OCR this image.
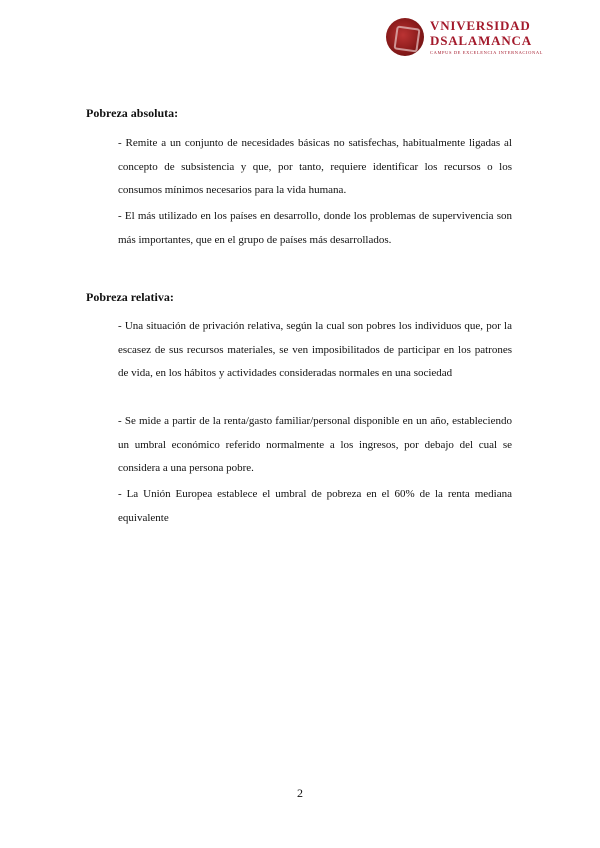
VNIVERSIDAD
DSALAMANCA
CAMPUS DE EXCELENCIA INTERNACIONAL
Pobreza absoluta:

- Remite a un conjunto de necesidades básicas no satisfechas, habitualmente ligadas al concepto de subsistencia y que, por tanto, requiere identificar los recursos o los consumos mínimos necesarios para la vida humana.

- El más utilizado en los países en desarrollo, donde los problemas de supervivencia son más importantes, que en el grupo de países más desarrollados.

Pobreza relativa:

- Una situación de privación relativa, según la cual son pobres los individuos que, por la escasez de sus recursos materiales, se ven imposibilitados de participar en los patrones de vida, en los hábitos y actividades consideradas normales en una sociedad

- Se mide a partir de la renta/gasto familiar/personal disponible en un año, estableciendo un umbral económico referido normalmente a los ingresos, por debajo del cual se considera a una persona pobre.

- La Unión Europea establece el umbral de pobreza en el 60% de la renta mediana equivalente

2
